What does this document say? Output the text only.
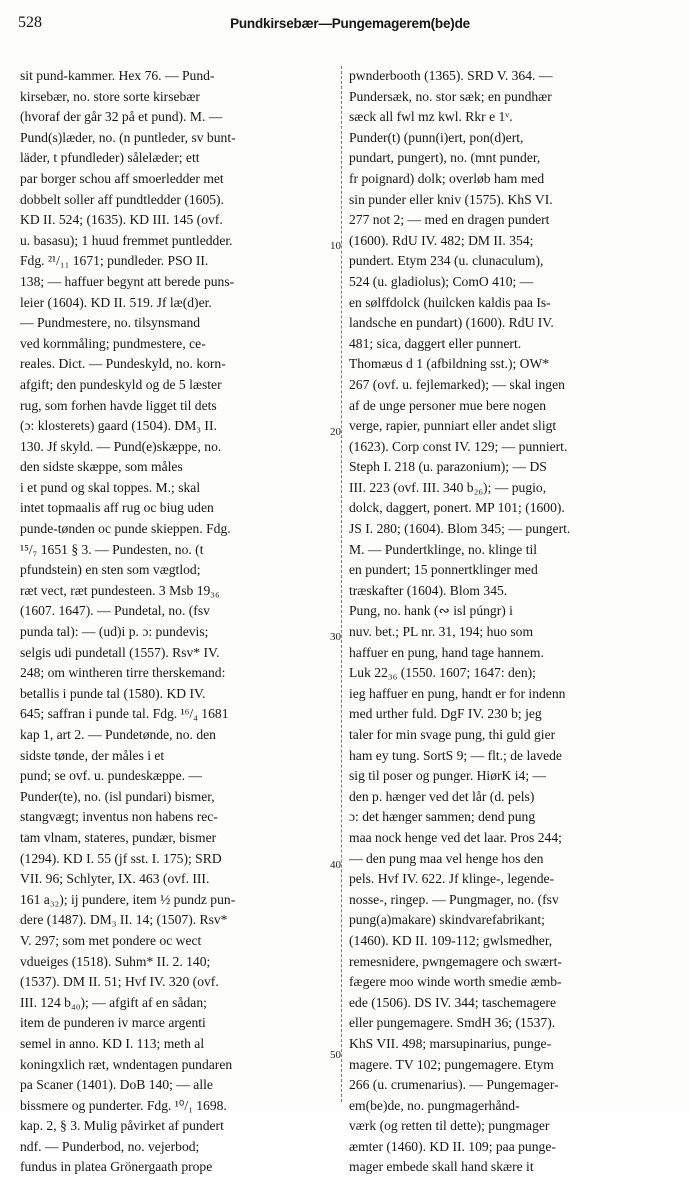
528	Pundkirsebær—Pungemagerem(be)de
sit pund-kammer. Hex 76. — Pund-
kirsebær, no. store sorte kirsebær
(hvoraf der går 32 på et pund). M. —
Pund(s)læder, no. (n puntleder, sv bunt-
läder, t pfundleder) sålelæder; ett
par borger schou aff smoerledder met
dobbelt soller aff pundtledder (1605).
KD II. 524; (1635). KD III. 145 (ovf.
u. basasu); 1 huud fremmet puntledder.
Fdg. ²¹/₁₁ 1671; pundleder. PSO II.
138; — haffuer begynt att berede puns-
leier (1604). KD II. 519. Jf læ(d)er.
— Pundmestere, no. tilsynsmand
ved kornmåling; pundmestere, ce-
reales. Dict. — Pundeskyld, no. korn-
afgift; den pundeskyld og de 5 læster
rug, som forhen havde ligget til dets
(ɔ: klosterets) gaard (1504). DM₃ II.
130. Jf skyld. — Pund(e)skæppe, no.
den sidste skæppe, som måles
i et pund og skal toppes. M.; skal
intet topmaalis aff rug oc biug uden
punde-tønden oc punde skieppen. Fdg.
¹⁵/₇ 1651 § 3. — Pundesten, no. (t
pfundstein) en sten som vægtlod;
ræt vect, ræt pundesteen. 3 Msb 19₃₆
(1607. 1647). — Pundetal, no. (fsv
punda tal): — (ud)i p. ɔ: pundevis;
selgis udi pundetall (1557). Rsv* IV.
248; om wintheren tirre therskemand:
betallis i punde tal (1580). KD IV.
645; saffran i punde tal. Fdg. ¹⁶/₄ 1681
kap 1, art 2. — Pundetønde, no. den
sidste tønde, der måles i et
pund; se ovf. u. pundeskæppe. —
Punder(te), no. (isl pundari) bismer,
stangvægt; inventus non habens rec-
tam vlnam, stateres, pundær, bismer
(1294). KD I. 55 (jf sst. I. 175); SRD
VII. 96; Schlyter, IX. 463 (ovf. III.
161 a₃₂); ij pundere, item ½ pundz pun-
dere (1487). DM₃ II. 14; (1507). Rsv*
V. 297; som met pondere oc wect
vdueiges (1518). Suhm* II. 2. 140;
(1537). DM II. 51; Hvf IV. 320 (ovf.
III. 124 b₄₀); — afgift af en sådan;
item de punderen iv marce argenti
semel in anno. KD I. 113; meth al
koningxlich ræt, wndentagen pundaren
pa Scaner (1401). DoB 140; — alle
bissmere og punderter. Fdg. ¹⁰/₁ 1698.
kap. 2, § 3. Mulig påvirket af pundert
ndf. — Punderbod, no. vejerbod;
fundus in platea Grönergaath prope
10
20
30
40
50
pwnderbooth (1365). SRD V. 364. —
Pundersæk, no. stor sæk; en pundhær
sæck all fwl mz kwl. Rkr e 1ᵛ.
Punder(t) (punn(i)ert, pon(d)ert,
pundart, pungert), no. (mnt punder,
fr poignard) dolk; overløb ham med
sin punder eller kniv (1575). KhS VI.
277 not 2; — med en dragen pundert
(1600). RdU IV. 482; DM II. 354;
pundert. Etym 234 (u. clunaculum),
524 (u. gladiolus); ComO 410; —
en sølffdolck (huilcken kaldis paa Is-
landsche en pundart) (1600). RdU IV.
481; sica, daggert eller punnert.
Thomæus d 1 (afbildning sst.); OW*
267 (ovf. u. fejlemarked); — skal ingen
af de unge personer mue bere nogen
verge, rapier, punniart eller andet sligt
(1623). Corp const IV. 129; — punniert.
Steph I. 218 (u. parazonium); — DS
III. 223 (ovf. III. 340 b₂₆); — pugio,
dolck, daggert, ponert. MP 101; (1600).
JS I. 280; (1604). Blom 345; — pungert.
M. — Pundertklinge, no. klinge til
en pundert; 15 ponnertklinger med
træskafter (1604). Blom 345.
Pung, no. hank (∾ isl púngr) i
nuv. bet.; PL nr. 31, 194; huo som
haffuer en pung, hand tage hannem.
Luk 22₃₆ (1550. 1607; 1647: den);
ieg haffuer en pung, handt er for indenn
med urther fuld. DgF IV. 230 b; jeg
taler for min svage pung, thi guld gier
ham ey tung. SortS 9; — flt.; de lavede
sig til poser og punger. HiørK i4; —
den p. hænger ved det lår (d. pels)
ɔ: det hænger sammen; dend pung
maa nock henge ved det laar. Pros 244;
— den pung maa vel henge hos den
pels. Hvf IV. 622. Jf klinge-, legende-
nosse-, ringep. — Pungmager, no. (fsv
pung(a)makare) skindvarefabrikant;
(1460). KD II. 109-112; gwlsmedher,
remesnidere, pwngemagere och swært-
fægere moo winde worth smedie æmb-
ede (1506). DS IV. 344; taschemagere
eller pungemagere. SmdH 36; (1537).
KhS VII. 498; marsupinarius, punge-
magere. TV 102; pungemagere. Etym
266 (u. crumenarius). — Pungemager-
em(be)de, no. pungmagerhånd-
værk (og retten til dette); pungmager
æmter (1460). KD II. 109; paa punge-
mager embede skall hand skære it
